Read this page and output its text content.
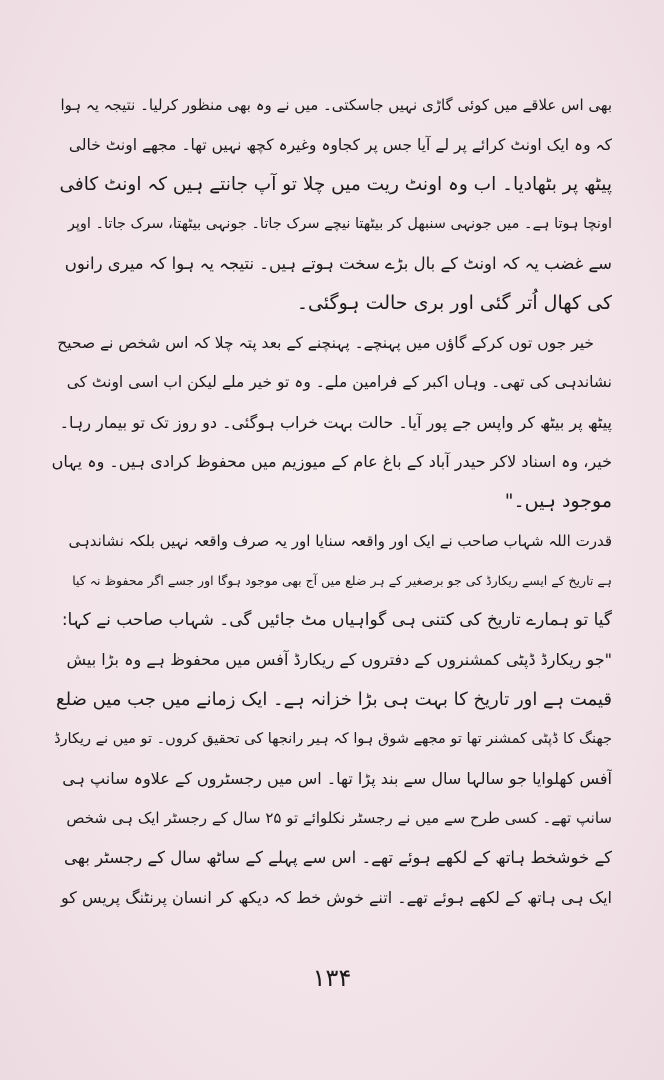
بھی اس علاقے میں کوئی گاڑی نہیں جاسکتی۔ میں نے وہ بھی منظور کرلیا۔ نتیجہ یہ ہوا
کہ وہ ایک اونٹ کرائے پر لے آیا جس پر کجاوہ وغیرہ کچھ نہیں تھا۔ مجھے اونٹ خالی
پیٹھ پر بٹھادیا۔ اب وہ اونٹ ریت میں چلا تو آپ جانتے ہیں کہ اونٹ کافی
اونچا ہوتا ہے۔ میں جونہی سنبھل کر بیٹھتا نیچے سرک جاتا۔ جونہی بیٹھتا، سرک جاتا۔ اوپر
سے غضب یہ کہ اونٹ کے بال بڑے سخت ہوتے ہیں۔ نتیجہ یہ ہوا کہ میری رانوں
کی کھال اُتر گئی اور بری حالت ہوگئی۔
خیر جوں توں کرکے گاؤں میں پہنچے۔ پہنچنے کے بعد پتہ چلا کہ اس شخص نے صحیح
نشاندہی کی تھی۔ وہاں اکبر کے فرامین ملے۔ وہ تو خیر ملے لیکن اب اسی اونٹ کی
پیٹھ پر بیٹھ کر واپس جے پور آیا۔ حالت بہت خراب ہوگئی۔ دو روز تک تو بیمار رہا۔
خیر، وہ اسناد لاکر حیدر آباد کے باغ عام کے میوزیم میں محفوظ کرادی ہیں۔ وہ یہاں
موجود ہیں۔"
قدرت اللہ شہاب صاحب نے ایک اور واقعہ سنایا اور یہ صرف واقعہ نہیں بلکہ نشاندہی
ہے تاریخ کے ایسے ریکارڈ کی جو برصغیر کے ہر ضلع میں آج بھی موجود ہوگا اور جسے اگر محفوظ نہ کیا
گیا تو ہمارے تاریخ کی کتنی ہی گواہیاں مٹ جائیں گی۔ شہاب صاحب نے کہا:
"جو ریکارڈ ڈپٹی کمشنروں کے دفتروں کے ریکارڈ آفس میں محفوظ ہے وہ بڑا بیش
قیمت ہے اور تاریخ کا بہت ہی بڑا خزانہ ہے۔ ایک زمانے میں جب میں ضلع
جھنگ کا ڈپٹی کمشنر تھا تو مجھے شوق ہوا کہ ہیر رانجھا کی تحقیق کروں۔ تو میں نے ریکارڈ
آفس کھلوایا جو سالہا سال سے بند پڑا تھا۔ اس میں رجسٹروں کے علاوہ سانپ ہی
سانپ تھے۔ کسی طرح سے میں نے رجسٹر نکلوائے تو ۲۵ سال کے رجسٹر ایک ہی شخص
کے خوشخط ہاتھ کے لکھے ہوئے تھے۔ اس سے پہلے کے ساٹھ سال کے رجسٹر بھی
ایک ہی ہاتھ کے لکھے ہوئے تھے۔ اتنے خوش خط کہ دیکھ کر انسان پرنٹنگ پریس کو
۱۳۴
